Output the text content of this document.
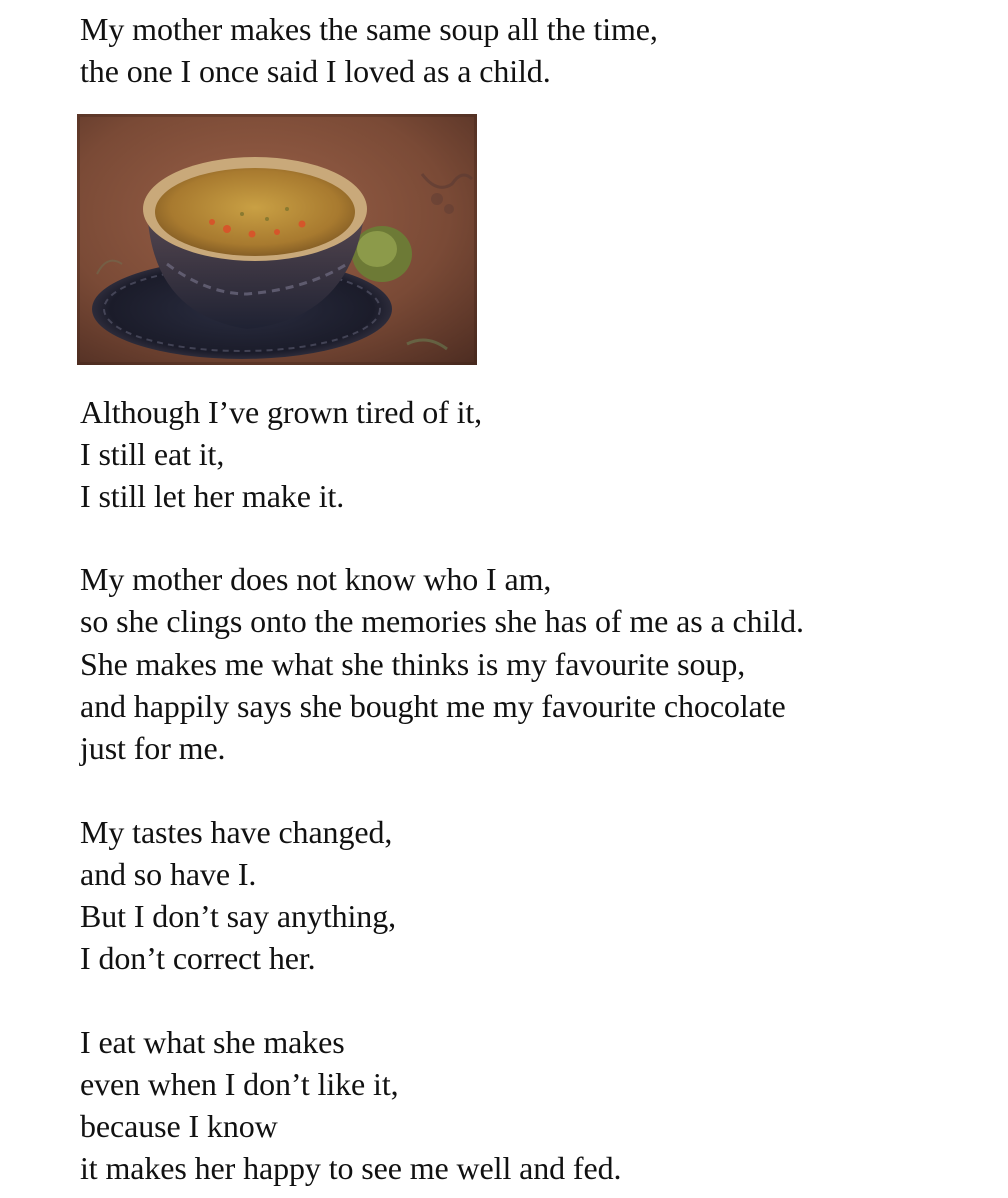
My mother makes the same soup all the time,

the one I once said I loved as a child.

Although I’ve grown tired of it,

I still eat it,

I still let her make it.

My mother does not know who I am,

so she clings onto the memories she has of me as a child.

She makes me what she thinks is my favourite soup,

and happily says she bought me my favourite chocolate

just for me.

My tastes have changed,

and so have I.

But I don’t say anything,

I don’t correct her.

I eat what she makes

even when I don’t like it,

because I know

it makes her happy to see me well and fed.
